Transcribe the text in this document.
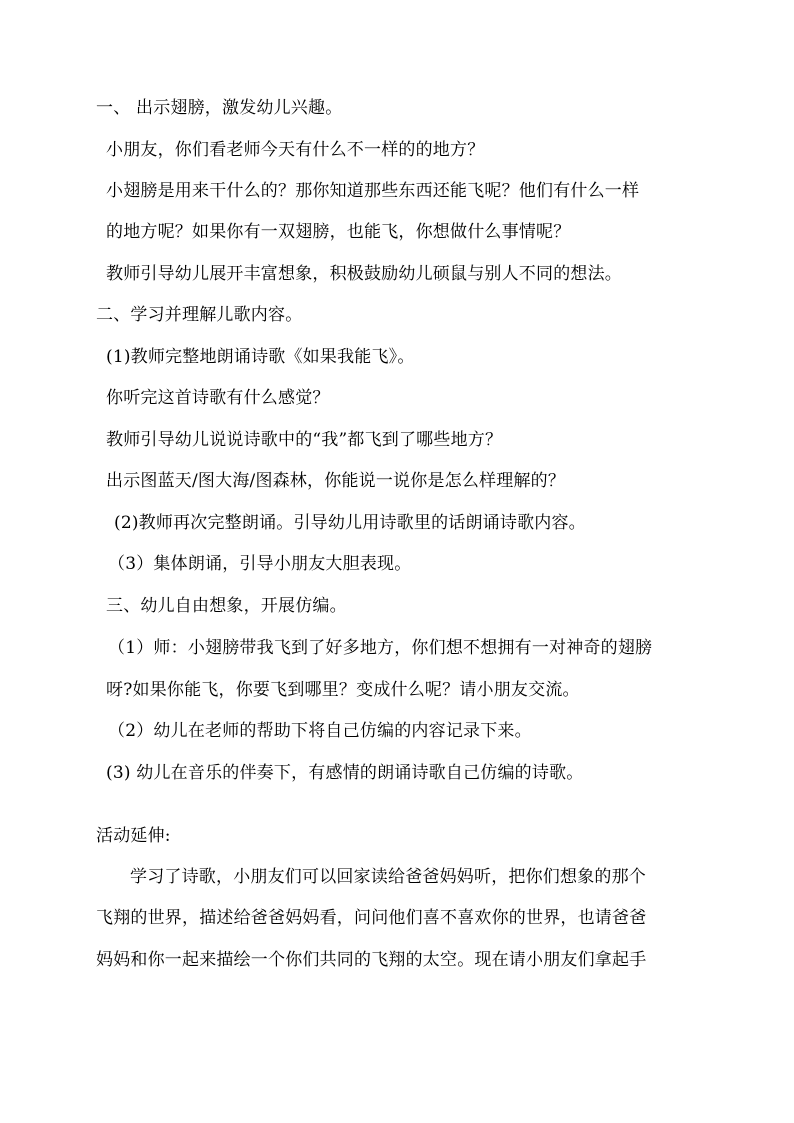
一、 出示翅膀，激发幼儿兴趣。
小朋友，你们看老师今天有什么不一样的的地方？
小翅膀是用来干什么的？那你知道那些东西还能飞呢？他们有什么一样
的地方呢？如果你有一双翅膀，也能飞，你想做什么事情呢？
教师引导幼儿展开丰富想象，积极鼓励幼儿硕鼠与别人不同的想法。
二、学习并理解儿歌内容。
(1)教师完整地朗诵诗歌《如果我能飞》。
你听完这首诗歌有什么感觉？
教师引导幼儿说说诗歌中的“我”都飞到了哪些地方？
出示图蓝天/图大海/图森林，你能说一说你是怎么样理解的？
(2)教师再次完整朗诵。引导幼儿用诗歌里的话朗诵诗歌内容。
（3）集体朗诵，引导小朋友大胆表现。
三、幼儿自由想象，开展仿编。
（1）师：小翅膀带我飞到了好多地方，你们想不想拥有一对神奇的翅膀
呀?如果你能飞，你要飞到哪里？变成什么呢？请小朋友交流。
（2）幼儿在老师的帮助下将自己仿编的内容记录下来。
(3) 幼儿在音乐的伴奏下，有感情的朗诵诗歌自己仿编的诗歌。
活动延伸:
学习了诗歌，小朋友们可以回家读给爸爸妈妈听，把你们想象的那个
飞翔的世界，描述给爸爸妈妈看，问问他们喜不喜欢你的世界，也请爸爸
妈妈和你一起来描绘一个你们共同的飞翔的太空。现在请小朋友们拿起手
